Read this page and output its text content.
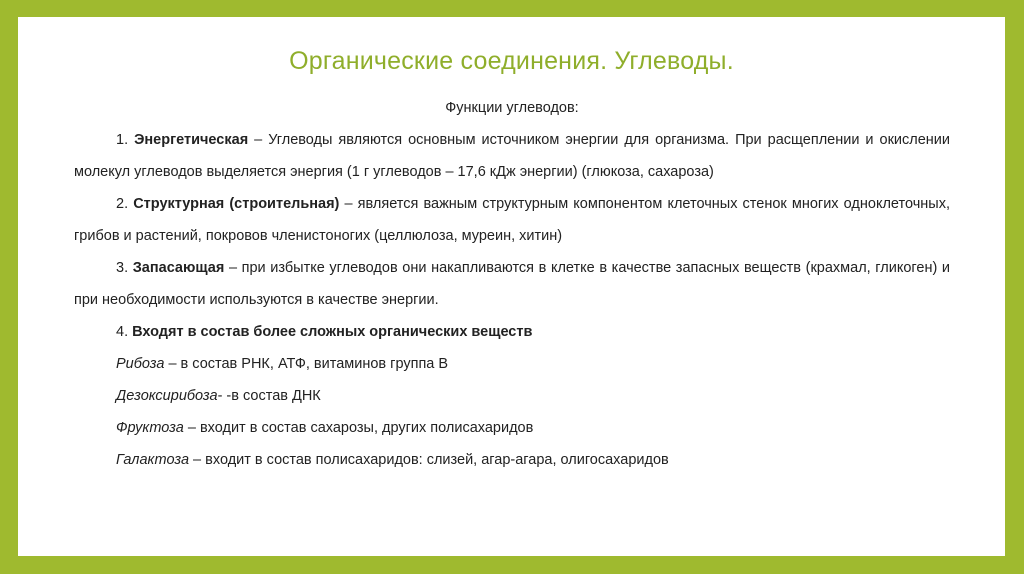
Органические соединения. Углеводы.
Функции углеводов:

1. Энергетическая – Углеводы являются основным источником энергии для организма. При расщеплении и окислении молекул углеводов выделяется энергия (1 г углеводов – 17,6 кДж энергии) (глюкоза, сахароза)

2. Структурная (строительная) – является важным структурным компонентом клеточных стенок многих одноклеточных, грибов и растений, покровов членистоногих (целлюлоза, муреин, хитин)

3. Запасающая – при избытке углеводов они накапливаются в клетке в качестве запасных веществ (крахмал, гликоген) и при необходимости используются в качестве энергии.

4. Входят в состав более сложных органических веществ

Рибоза – в состав РНК, АТФ, витаминов группа В

Дезоксирибоза- -в состав ДНК

Фруктоза – входит в состав сахарозы, других полисахаридов

Галактоза – входит в состав полисахаридов: слизей, агар-агара, олигосахаридов
